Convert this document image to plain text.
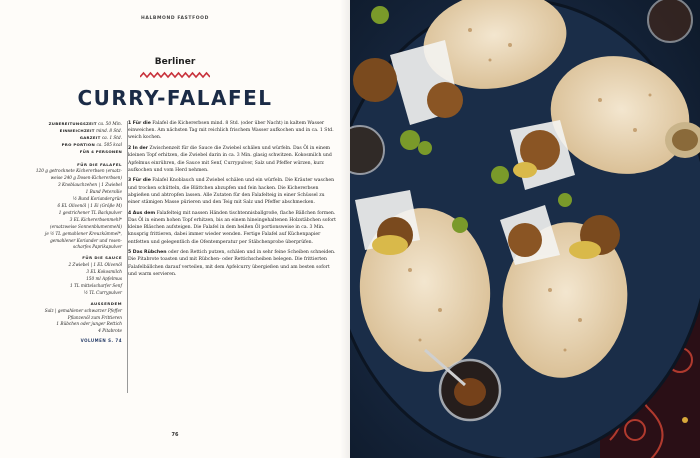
HALBMOND FASTFOOD
Berliner
CURRY-FALAFEL
ZUBEREITUNGSZEIT ca. 50 Min.
EINWEICHZEIT mind. 8 Std.
GARZEIT ca. 1 Std.
PRO PORTION ca. 505 kcal
FÜR 4 PERSONEN
FÜR DIE FALAFEL
120 g getrocknete Kichererbsen (ersatz-
weise 240 g Dosen-Kichererbsen)
3 Knoblauchzehen | 1 Zwiebel
1 Bund Petersilie
½ Bund Koriandergrün
6 EL Olivenöl | 1 Ei (Größe M)
1 gestrichener TL Backpulver
3 EL Kichererbsenmehl*
(ersatzweise Sonnenblumenmehl)
je ½ TL gemahlener Kreuzkümmel*,
gemahlener Koriander und rosen-
scharfes Paprikapulver
FÜR DIE SAUCE
2 Zwiebel | 1 EL Olivenöl
3 EL Kokosmilch
150 ml Apfelmus
1 TL mittelscharfer Senf
½ TL Currypulver
AUSSERDEM
Salz | gemahlener schwarzer Pfeffer
Pflanzenöl zum Frittieren
1 Bübchen oder junger Rettich
4 Pitabrote
VOLUMEN S. 74

1 Für die Falafel die Kichererbsen mind. 8 Std. (oder über Nacht) in kaltem Wasser einweichen. Am nächsten Tag mit reichlich frischem Wasser aufkochen und in ca. 1 Std. weich kochen.

2 In der Zwischenzeit für die Sauce die Zwiebel schälen und würfeln. Das Öl in einem kleinen Topf erhitzen, die Zwiebel darin in ca. 3 Min. glasig schwitzen. Kokosmilch und Apfelmus einrühren, die Sauce mit Senf, Currypulver, Salz und Pfeffer würzen, kurz aufkochen und vom Herd nehmen.

3 Für die Falafel Knoblauch und Zwiebel schälen und ein würfeln. Die Kräuter waschen und trocken schütteln, die Blättchen abzupfen und fein hacken. Die Kichererbsen abgießen und abtropfen lassen. Alle Zutaten für den Falafelteig in einer Schüssel zu einer stämigen Masse pürieren und den Teig mit Salz und Pfeffer abschmecken.

4 Aus dem Falafelteig mit nassen Händen tischtennisballgroße, flache Bällchen formen. Das Öl in einem hohen Topf erhitzen, bis an einem hineingehaltenen Holzstäbchen sofort kleine Bläschen aufsteigen. Die Falafel in dem heißen Öl portionsweise in ca. 3 Min. knusprig frittieren, dabei immer wieder wenden. Fertige Falafel auf Küchenpapier entfetten und gelegentlich die Ofentemperatur per Stäbchenprobe überprüfen.

5 Das Rübchen oder den Rettich putzen, schälen und in sehr feine Scheiben schneiden. Die Pitabrote toasten und mit Rübchen- oder Rettichscheiben belegen. Die frittierten Falafelbällchen darauf verteilen, mit dem Apfelcurry übergießen und am besten sofort und warm servieren.

76
